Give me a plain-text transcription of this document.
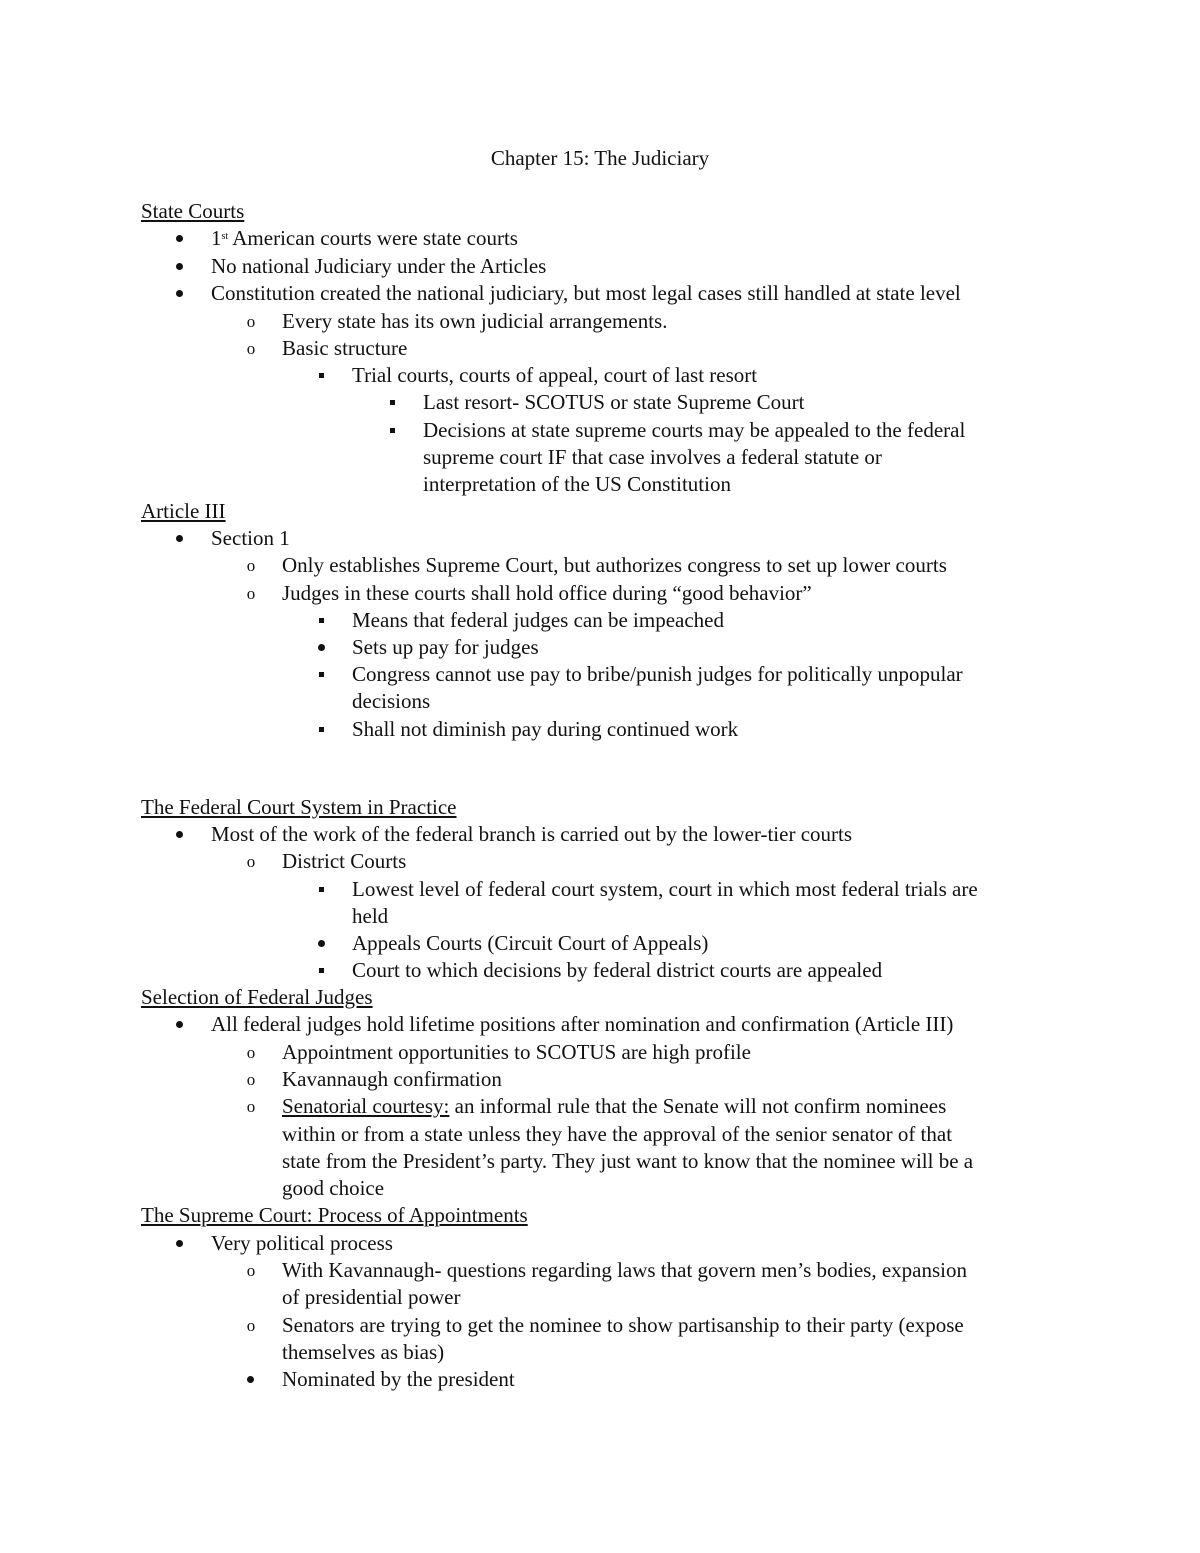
Chapter 15: The Judiciary
State Courts
1st American courts were state courts
No national Judiciary under the Articles
Constitution created the national judiciary, but most legal cases still handled at state level
o Every state has its own judicial arrangements.
o Basic structure
Trial courts, courts of appeal, court of last resort
Last resort- SCOTUS or state Supreme Court
Decisions at state supreme courts may be appealed to the federal
supreme court IF that case involves a federal statute or
interpretation of the US Constitution
Article III
Section 1
o Only establishes Supreme Court, but authorizes congress to set up lower courts
o Judges in these courts shall hold office during “good behavior”
Means that federal judges can be impeached
Sets up pay for judges
Congress cannot use pay to bribe/punish judges for politically unpopular
decisions
Shall not diminish pay during continued work
The Federal Court System in Practice
Most of the work of the federal branch is carried out by the lower-tier courts
o District Courts
Lowest level of federal court system, court in which most federal trials are
held
Appeals Courts (Circuit Court of Appeals)
Court to which decisions by federal district courts are appealed
Selection of Federal Judges
All federal judges hold lifetime positions after nomination and confirmation (Article III)
o Appointment opportunities to SCOTUS are high profile
o Kavannaugh confirmation
o Senatorial courtesy: an informal rule that the Senate will not confirm nominees
within or from a state unless they have the approval of the senior senator of that
state from the President’s party. They just want to know that the nominee will be a
good choice
The Supreme Court: Process of Appointments
Very political process
o With Kavannaugh- questions regarding laws that govern men’s bodies, expansion
of presidential power
o Senators are trying to get the nominee to show partisanship to their party (expose
themselves as bias)
Nominated by the president
